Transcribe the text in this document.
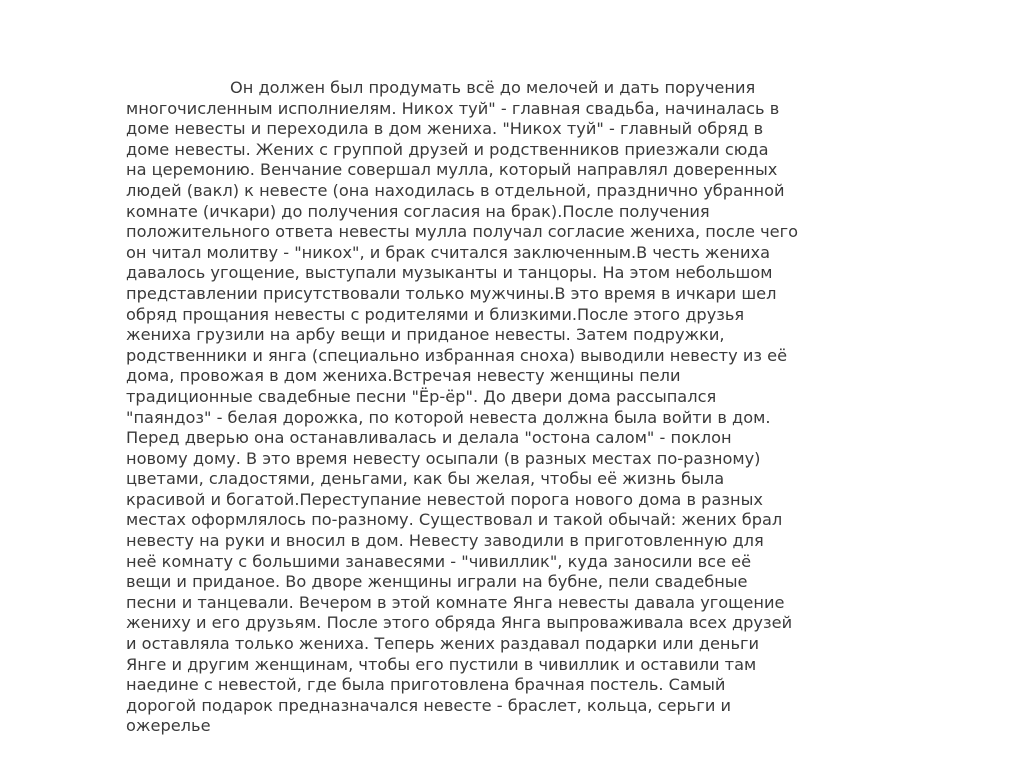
Он должен был продумать всё до мелочей и дать поручения
многочисленным исполниелям. Никох туй" - главная свадьба, начиналась в
доме невесты и переходила в дом жениха. "Никох туй" - главный обряд в
доме невесты. Жених с группой друзей и родственников приезжали сюда
на церемонию. Венчание совершал мулла, который направлял доверенных
людей (вакл) к невесте (она находилась в отдельной, празднично убранной
комнате (ичкари) до получения согласия на брак).После получения
положительного ответа невесты мулла получал согласие жениха, после чего
он читал молитву - "никох", и брак считался заключенным.В честь жениха
давалось угощение, выступали музыканты и танцоры. На этом небольшом
представлении присутствовали только мужчины.В это время в ичкари шел
обряд прощания невесты с родителями и близкими.После этого друзья
жениха грузили на арбу вещи и приданое невесты. Затем подружки,
родственники и янга (специально избранная сноха) выводили невесту из её
дома, провожая в дом жениха.Встречая невесту женщины пели
традиционные свадебные песни "Ёр-ёр". До двери дома рассыпался
"паяндоз" - белая дорожка, по которой невеста должна была войти в дом.
Перед дверью она останавливалась и делала "остона салом" - поклон
новому дому. В это время невесту осыпали (в разных местах по-разному)
цветами, сладостями, деньгами, как бы желая, чтобы её жизнь была
красивой и богатой.Переступание невестой порога нового дома в разных
местах оформлялось по-разному. Существовал и такой обычай: жених брал
невесту на руки и вносил в дом. Невесту заводили в приготовленную для
неё комнату с большими занавесями - "чивиллик", куда заносили все её
вещи и приданое. Во дворе женщины играли на бубне, пели свадебные
песни и танцевали. Вечером в этой комнате Янга невесты давала угощение
жениху и его друзьям. После этого обряда Янга выпроваживала всех друзей
и оставляла только жениха. Теперь жених раздавал подарки или деньги
Янге и другим женщинам, чтобы его пустили в чивиллик и оставили там
наедине с невестой, где была приготовлена брачная постель. Самый
дорогой подарок предназначался невесте - браслет, кольца, серьги и
ожерелье
